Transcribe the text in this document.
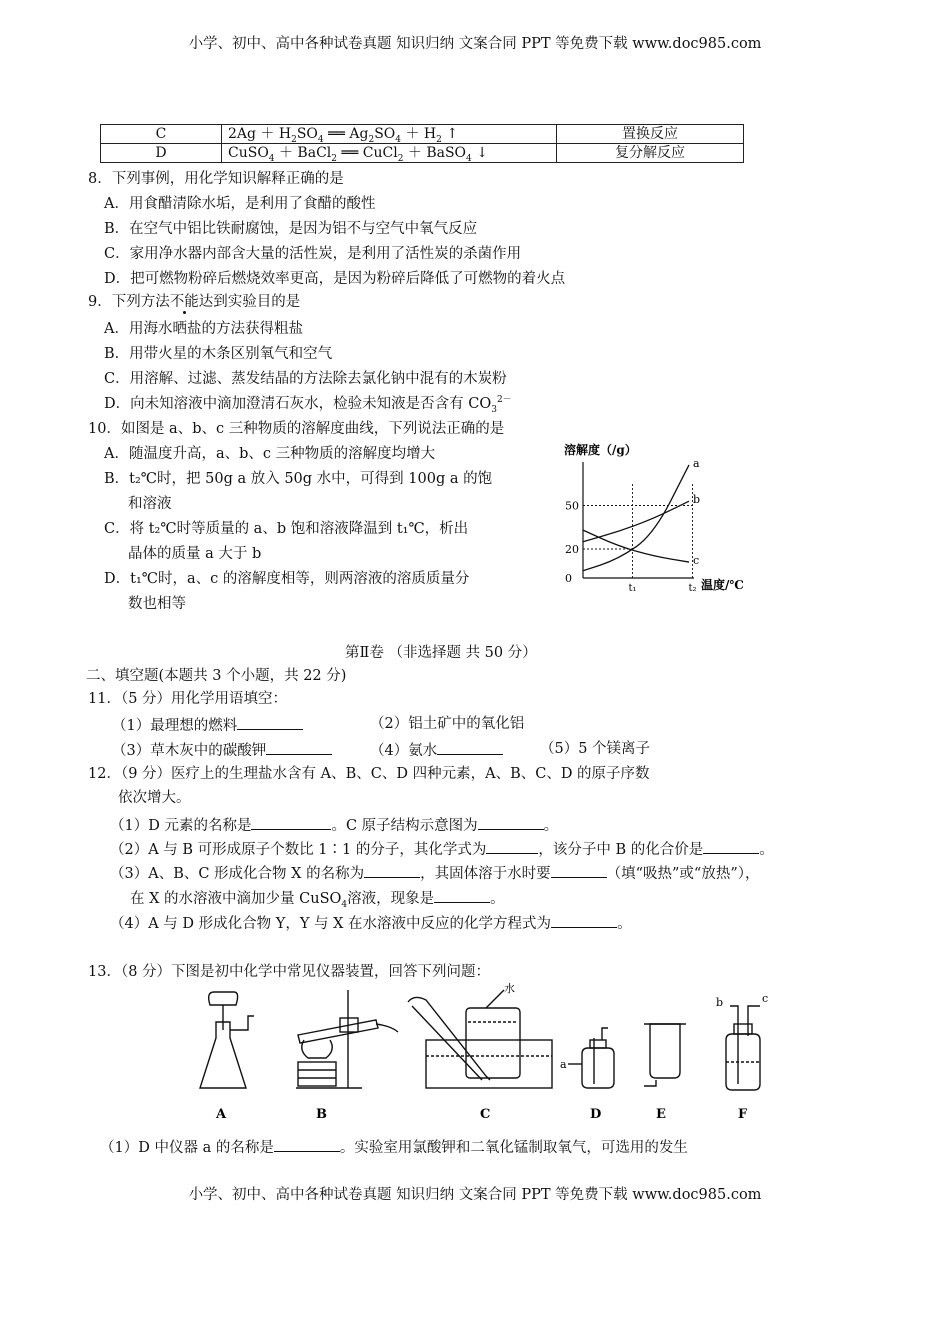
小学、初中、高中各种试卷真题 知识归纳 文案合同 PPT 等免费下载 www.doc985.com
C	$2Ag + H_2SO_4$ ══ $Ag_2SO_4 + H_2$ ↑	置换反应
D	CuSO$_4$ ＋ BaCl$_2$ ══ CuCl$_2$ ＋ BaSO$_4$ ↓	复分解反应
8．下列事例，用化学知识解释正确的是
A．用食醋清除水垢，是利用了食醋的酸性
B．在空气中铝比铁耐腐蚀，是因为铝不与空气中氧气反应
C．家用净水器内部含大量的活性炭，是利用了活性炭的杀菌作用
D．把可燃物粉碎后燃烧效率更高，是因为粉碎后降低了可燃物的着火点
9．下列方法不能达到实验目的是
A．用海水晒盐的方法获得粗盐
B．用带火星的木条区别氧气和空气
C．用溶解、过滤、蒸发结晶的方法除去氯化钠中混有的木炭粉
D．向未知溶液中滴加澄清石灰水，检验未知液是否含有 $CO_3^{2-}$
10．如图是 a、b、c 三种物质的溶解度曲线，下列说法正确的是
A．随温度升高，a、b、c 三种物质的溶解度均增大
B．t₂℃时，把 50g a 放入 50g 水中，可得到 100g a 的饱
和溶液
C．将 t₂℃时等质量的 a、b 饱和溶液降温到 t₁℃，析出
晶体的质量 a 大于 b
D．t₁℃时，a、c 的溶解度相等，则两溶液的溶质质量分
数也相等
溶解度（/g）
50
20
0
t₁	t₂
a
b
c
温度/℃
第Ⅱ卷 （非选择题 共 50 分）
二、填空题(本题共 3 个小题，共 22 分)
11．（5 分）用化学用语填空：
（1）最理想的燃料	（2）铝土矿中的氧化铝
（3）草木灰中的碳酸钾	（4）氨水	（5）5 个镁离子
12．（9 分）医疗上的生理盐水含有 A、B、C、D 四种元素，A、B、C、D 的原子序数
依次增大。
（1）D 元素的名称是	。C 原子结构示意图为	。
（2）A 与 B 可形成原子个数比 1∶1 的分子，其化学式为	，该分子中 B 的化合价是	。
（3）A、B、C 形成化合物 X 的名称为	，其固体溶于水时要	（填“吸热”或“放热”），
在 X 的水溶液中滴加少量 CuSO$_4$溶液，现象是	。
（4）A 与 D 形成化合物 Y，Y 与 X 在水溶液中反应的化学方程式为	。
13．（8 分）下图是初中化学中常见仪器装置，回答下列问题：
A	B	C	D	E	F
水
a
b	c
（1）D 中仪器 a 的名称是	。实验室用氯酸钾和二氧化锰制取氧气，可选用的发生
小学、初中、高中各种试卷真题 知识归纳 文案合同 PPT 等免费下载 www.doc985.com
